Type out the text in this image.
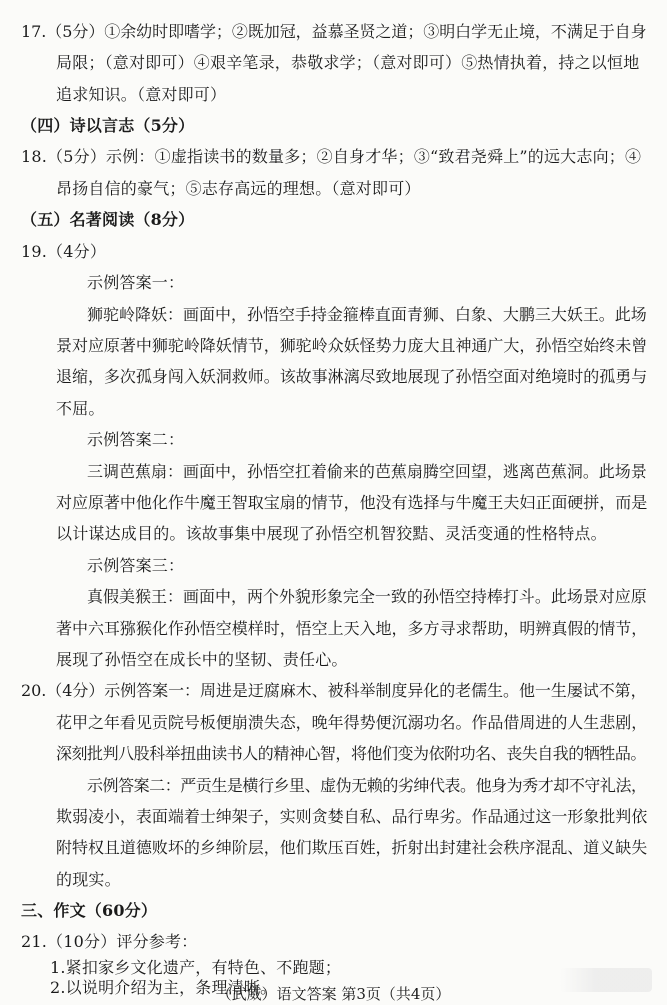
17.（5分）①余幼时即嗜学；②既加冠，益慕圣贤之道；③明白学无止境，不满足于自身
局限；（意对即可）④艰辛笔录，恭敬求学；（意对即可）⑤热情执着，持之以恒地
追求知识。（意对即可）
（四）诗以言志（5分）
18.（5分）示例：①虚指读书的数量多；②自身才华；③“致君尧舜上”的远大志向；④
昂扬自信的豪气；⑤志存高远的理想。（意对即可）
（五）名著阅读（8分）
19.（4分）
示例答案一：
狮驼岭降妖：画面中，孙悟空手持金箍棒直面青狮、白象、大鹏三大妖王。此场
景对应原著中狮驼岭降妖情节，狮驼岭众妖怪势力庞大且神通广大，孙悟空始终未曾
退缩，多次孤身闯入妖洞救师。该故事淋漓尽致地展现了孙悟空面对绝境时的孤勇与
不屈。
示例答案二：
三调芭蕉扇：画面中，孙悟空扛着偷来的芭蕉扇腾空回望，逃离芭蕉洞。此场景
对应原著中他化作牛魔王智取宝扇的情节，他没有选择与牛魔王夫妇正面硬拼，而是
以计谋达成目的。该故事集中展现了孙悟空机智狡黠、灵活变通的性格特点。
示例答案三：
真假美猴王：画面中，两个外貌形象完全一致的孙悟空持棒打斗。此场景对应原
著中六耳猕猴化作孙悟空模样时，悟空上天入地，多方寻求帮助，明辨真假的情节，
展现了孙悟空在成长中的坚韧、责任心。
20.（4分）示例答案一：周进是迂腐麻木、被科举制度异化的老儒生。他一生屡试不第，
花甲之年看见贡院号板便崩溃失态，晚年得势便沉溺功名。作品借周进的人生悲剧，
深刻批判八股科举扭曲读书人的精神心智，将他们变为依附功名、丧失自我的牺牲品。
示例答案二：严贡生是横行乡里、虚伪无赖的劣绅代表。他身为秀才却不守礼法，
欺弱凌小，表面端着士绅架子，实则贪婪自私、品行卑劣。作品通过这一形象批判依
附特权且道德败坏的乡绅阶层，他们欺压百姓，折射出封建社会秩序混乱、道义缺失
的现实。
三、作文（60分）
21.（10分）评分参考：
1.紧扣家乡文化遗产，有特色、不跑题；
2.以说明介绍为主，条理清晰。
（武威）语文答案 第3页（共4页）
